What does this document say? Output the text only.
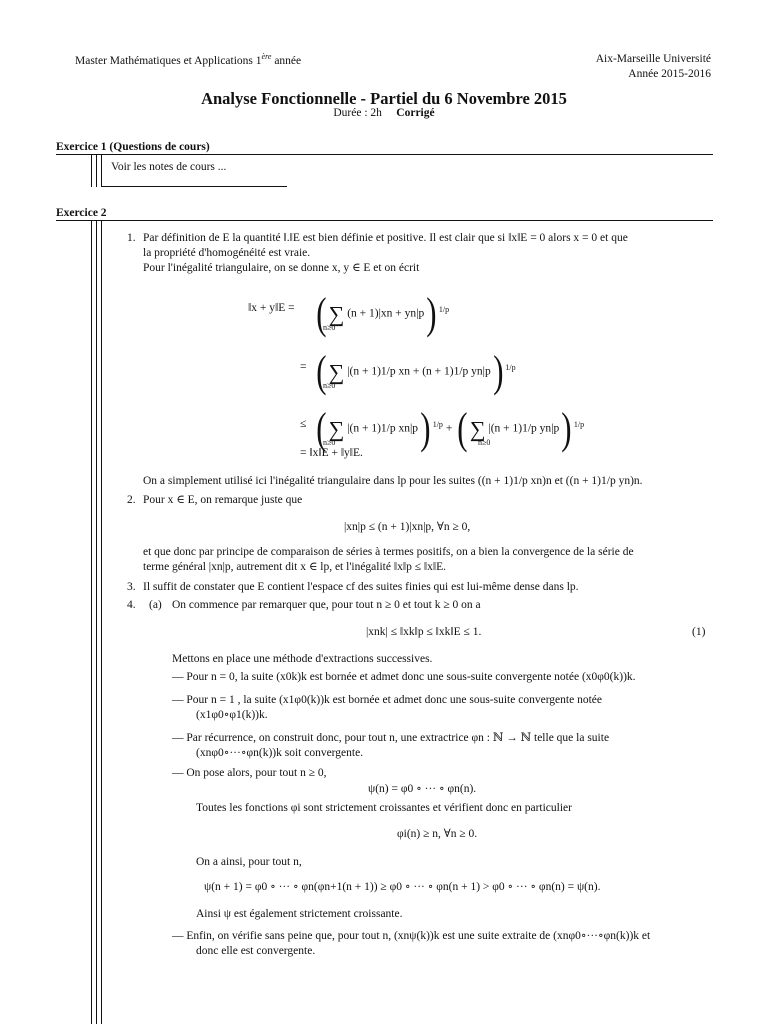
Master Mathématiques et Applications 1ère année	Aix-Marseille Université
Année 2015-2016
Analyse Fonctionnelle - Partiel du 6 Novembre 2015
Durée : 2h Corrigé
Exercice 1 (Questions de cours)
Voir les notes de cours ...
Exercice 2
1. Par définition de E la quantité ‖.‖E est bien définie et positive. Il est clair que si ‖x‖E = 0 alors x = 0 et que

la propriété d'homogénéité est vraie.

Pour l'inégalité triangulaire, on se donne x, y ∈ E et on écrit

‖x + y‖E = (∑ (n + 1)|xn + yn|p) $^{1/p}$
n≥0
= (∑ |(n + 1)1/p xn + (n + 1)1/p yn|p) $^{1/p}$
n≥0
≤ (∑ |(n + 1)1/p xn|p) $^{1/p}$ + (∑ |(n + 1)1/p yn|p) $^{1/p}$
n≥0	n≥0
= ‖x‖E + ‖y‖E.
On a simplement utilisé ici l'inégalité triangulaire dans lp pour les suites ((n + 1)1/p xn)n et ((n + 1)1/p yn)n.
2. Pour x ∈ E, on remarque juste que
|xn|p ≤ (n + 1)|xn|p, ∀n ≥ 0,

et que donc par principe de comparaison de séries à termes positifs, on a bien la convergence de la série de

terme général |xn|p, autrement dit x ∈ lp, et l'inégalité ‖x‖p ≤ ‖x‖E.

3. Il suffit de constater que E contient l'espace cf des suites finies qui est lui-même dense dans lp.
4. (a) On commence par remarquer que, pour tout n ≥ 0 et tout k ≥ 0 on a
|xnk| ≤ ‖xk‖p ≤ ‖xk‖E ≤ 1.	(1)
Mettons en place une méthode d'extractions successives.
— Pour n = 0, la suite (x0k)k est bornée et admet donc une sous-suite convergente notée (x0φ0(k))k.

— Pour n = 1 , la suite (x1φ0(k))k est bornée et admet donc une sous-suite convergente notée

(x1φ0∘φ1(k))k.

— Par récurrence, on construit donc, pour tout n, une extractrice φn : ℕ → ℕ telle que la suite

(xnφ0∘···∘φn(k))k soit convergente.

— On pose alors, pour tout n ≥ 0,
ψ(n) = φ0 ∘ ··· ∘ φn(n).
Toutes les fonctions φi sont strictement croissantes et vérifient donc en particulier
φi(n) ≥ n, ∀n ≥ 0.
On a ainsi, pour tout n,
ψ(n + 1) = φ0 ∘ ··· ∘ φn(φn+1(n + 1)) ≥ φ0 ∘ ··· ∘ φn(n + 1) > φ0 ∘ ··· ∘ φn(n) = ψ(n).
Ainsi ψ est également strictement croissante.

— Enfin, on vérifie sans peine que, pour tout n, (xnψ(k))k est une suite extraite de (xnφ0∘···∘φn(k))k et

donc elle est convergente.
